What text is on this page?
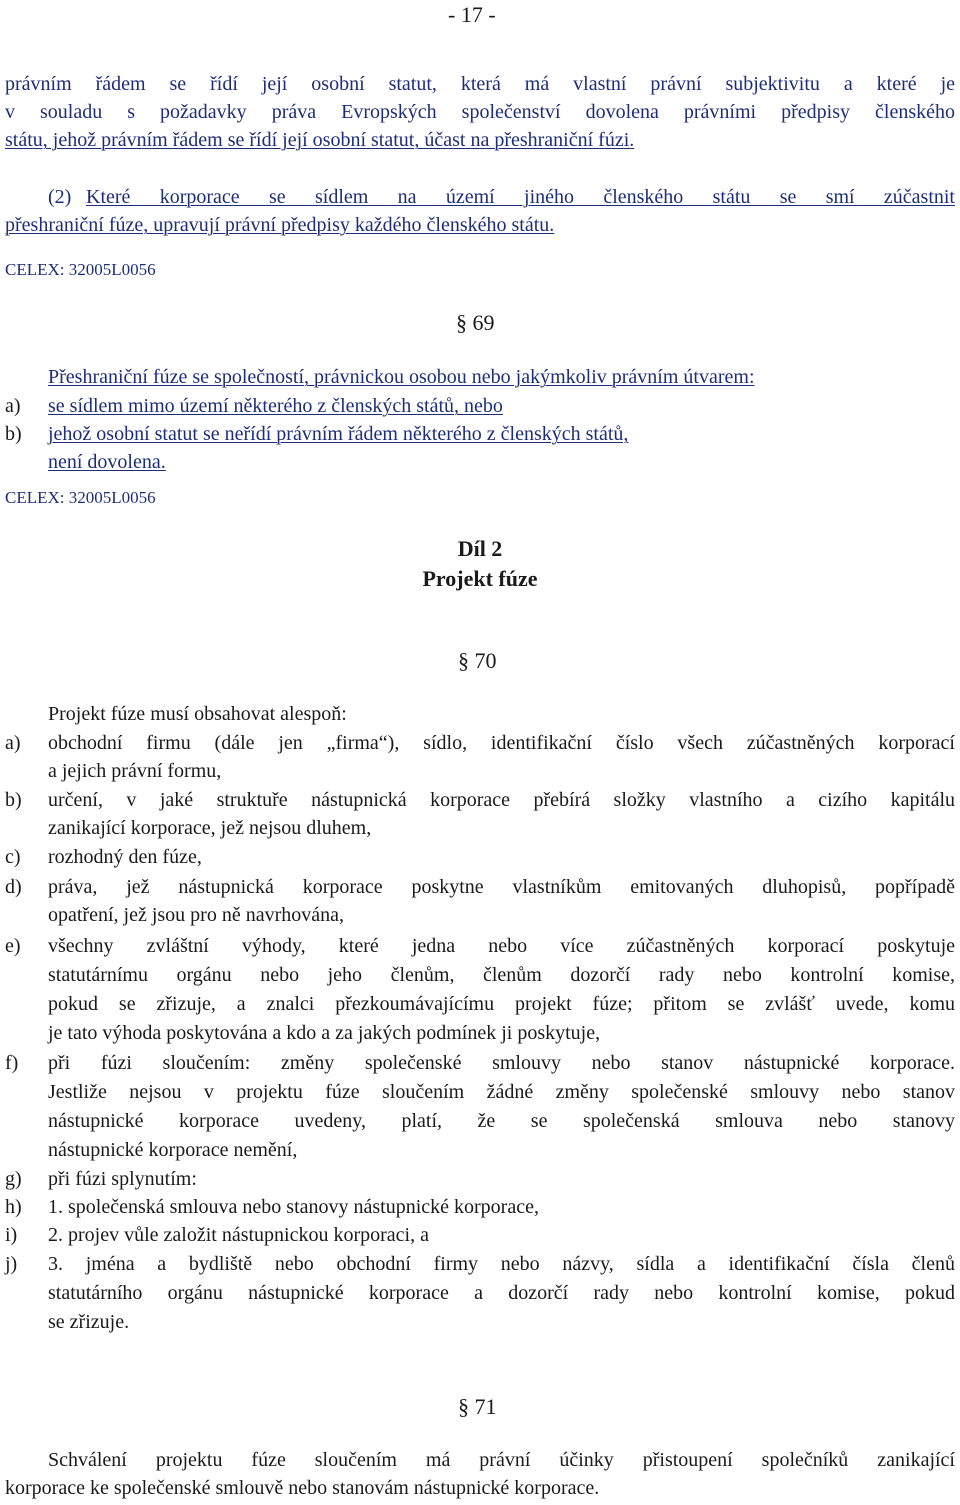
- 17 -
právním řádem se řídí její osobní statut, která má vlastní právní subjektivitu a které je
v souladu s požadavky práva Evropských společenství dovolena právními předpisy členského
státu, jehož právním řádem se řídí její osobní statut, účast na přeshraniční fúzi.
(2) Které korporace se sídlem na území jiného členského státu se smí zúčastnit
přeshraniční fúze, upravují právní předpisy každého členského státu.
CELEX: 32005L0056
§ 69
Přeshraniční fúze se společností, právnickou osobou nebo jakýmkoliv právním útvarem:
a) se sídlem mimo území některého z členských států, nebo
b) jehož osobní statut se neřídí právním řádem některého z členských států,
není dovolena.
CELEX: 32005L0056
Díl 2
Projekt fúze
§ 70
Projekt fúze musí obsahovat alespoň:
a) obchodní firmu (dále jen „firma“), sídlo, identifikační číslo všech zúčastněných korporací
a jejich právní formu,
b) určení, v jaké struktuře nástupnická korporace přebírá složky vlastního a cizího kapitálu
zanikající korporace, jež nejsou dluhem,
c) rozhodný den fúze,
d) práva, jež nástupnická korporace poskytne vlastníkům emitovaných dluhopisů, popřípadě
opatření, jež jsou pro ně navrhována,
e) všechny zvláštní výhody, které jedna nebo více zúčastněných korporací poskytuje
statutárnímu orgánu nebo jeho členům, členům dozorčí rady nebo kontrolní komise,
pokud se zřizuje, a znalci přezkoumávajícímu projekt fúze; přitom se zvlášť uvede, komu
je tato výhoda poskytována a kdo a za jakých podmínek ji poskytuje,
f) při fúzi sloučením: změny společenské smlouvy nebo stanov nástupnické korporace.
Jestliže nejsou v projektu fúze sloučením žádné změny společenské smlouvy nebo stanov
nástupnické korporace uvedeny, platí, že se společenská smlouva nebo stanovy
nástupnické korporace nemění,
g) při fúzi splynutím:
h) 1. společenská smlouva nebo stanovy nástupnické korporace,
i) 2. projev vůle založit nástupnickou korporaci, a
j) 3. jména a bydliště nebo obchodní firmy nebo názvy, sídla a identifikační čísla členů
statutárního orgánu nástupnické korporace a dozorčí rady nebo kontrolní komise, pokud
se zřizuje.
§ 71
Schválení projektu fúze sloučením má právní účinky přistoupení společníků zanikající
korporace ke společenské smlouvě nebo stanovám nástupnické korporace.
